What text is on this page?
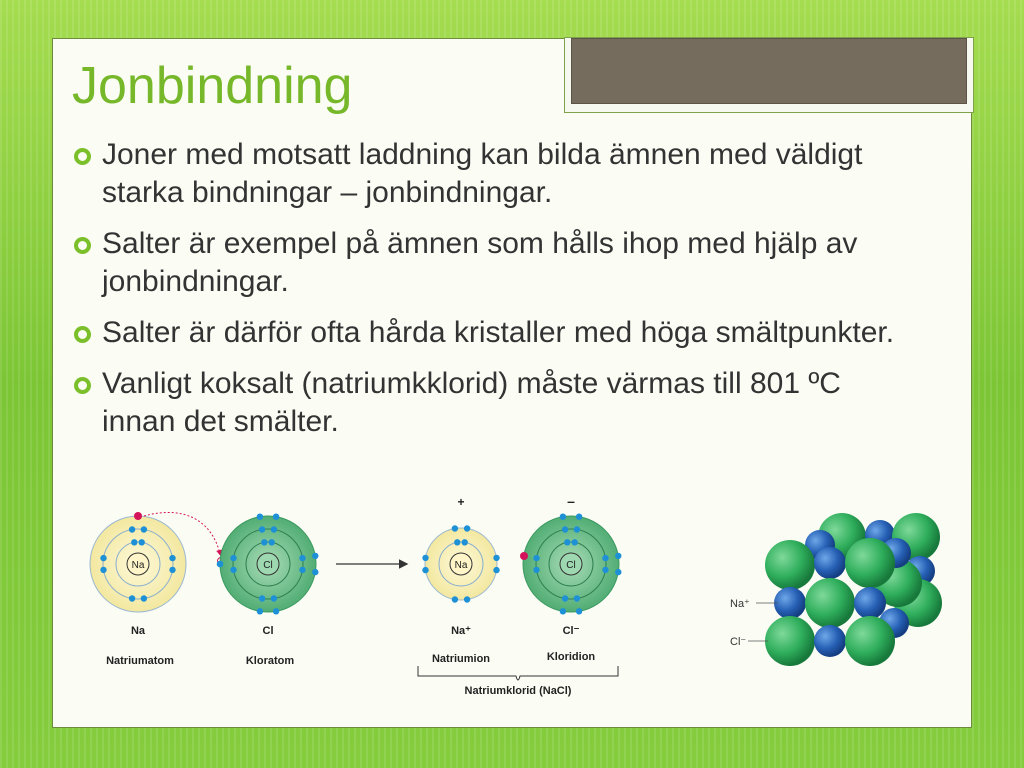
Jonbindning
Joner med motsatt laddning kan bilda ämnen med väldigt starka bindningar – jonbindningar.
Salter är exempel på ämnen som hålls ihop med hjälp av jonbindningar.
Salter är därför ofta hårda kristaller med höga smältpunkter.
Vanligt koksalt (natriumkklorid) måste värmas till 801 ºC innan det smälter.
Na
Na
Natriumatom
Cl
Cl
Kloratom
+
Na
Na⁺
Natriumion
–
Cl
Cl⁻
Kloridion
Natriumklorid (NaCl)
Na⁺
Cl⁻
